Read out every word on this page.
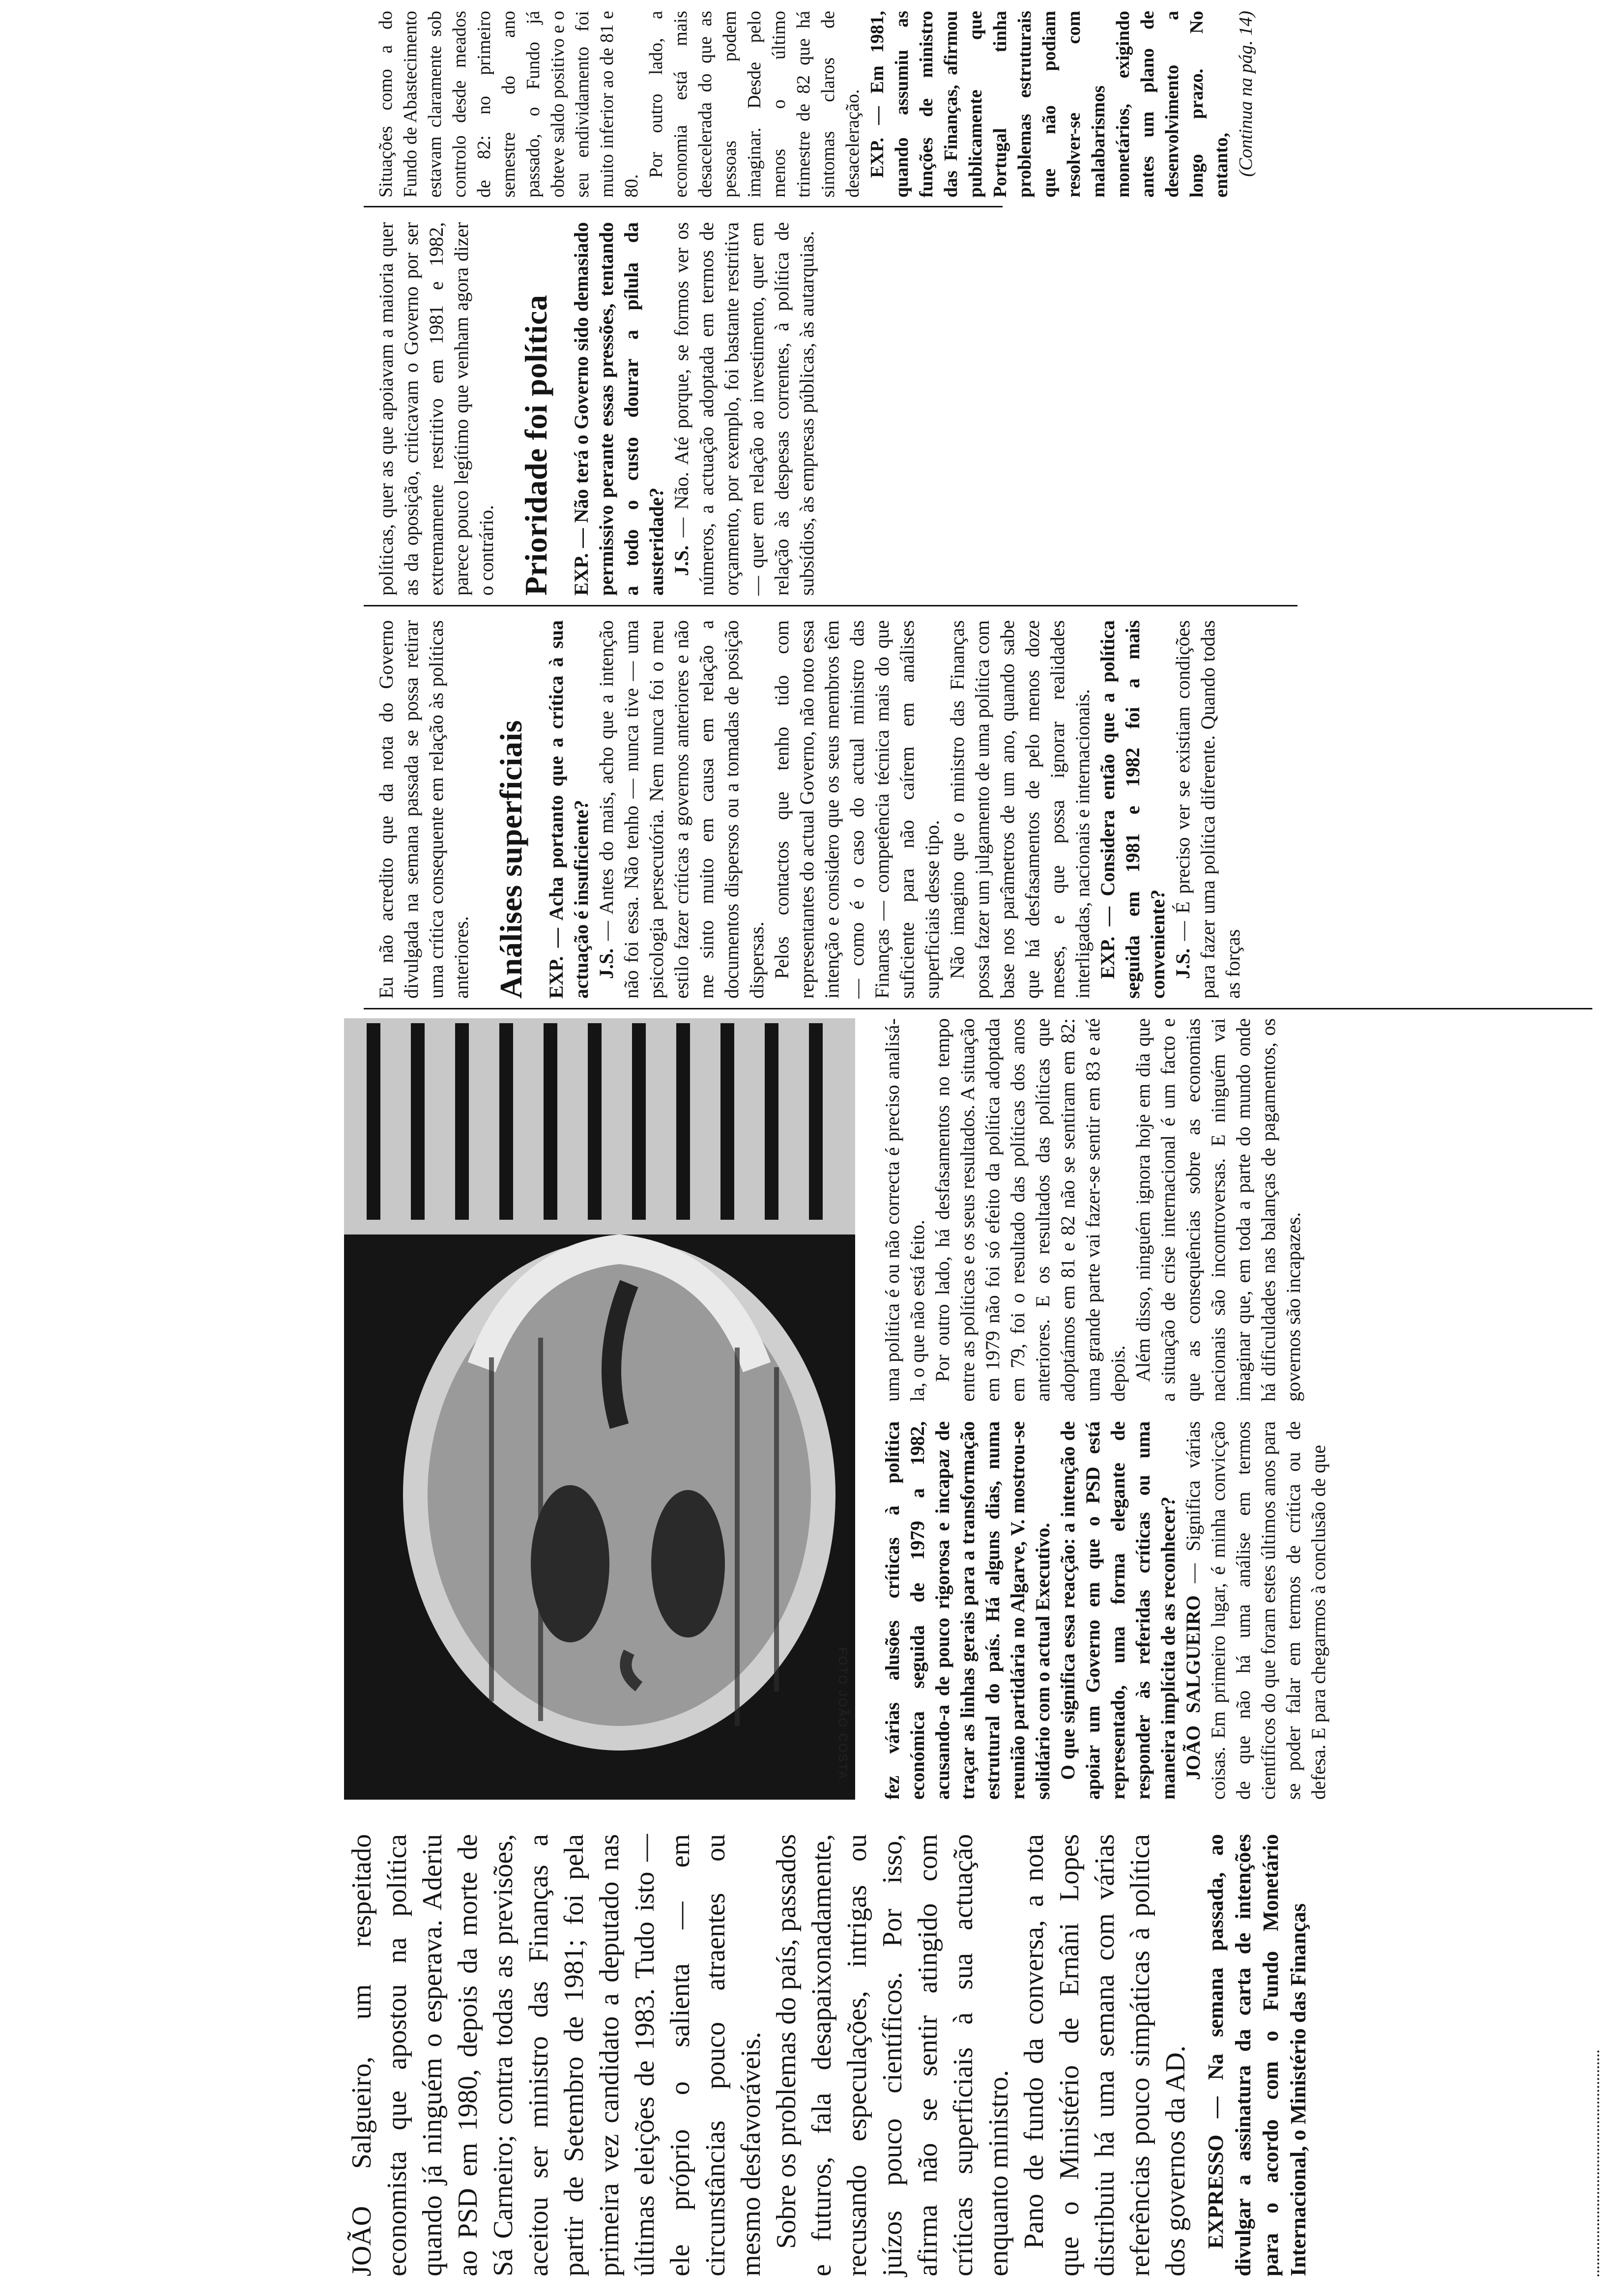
JOÃO Salgueiro, um respeitado economista que apostou na política quando já ninguém o esperava. Aderiu ao PSD em 1980, depois da morte de Sá Carneiro; contra todas as previsões, aceitou ser ministro das Finanças a partir de Setembro de 1981; foi pela primeira vez candidato a deputado nas últimas eleições de 1983. Tudo isto — ele próprio o salienta — em circunstâncias pouco atraentes ou mesmo desfavoráveis. Sobre os problemas do país, passados e futuros, fala desapaixonadamente, recusando especulações, intrigas ou juízos pouco científicos. Por isso, afirma não se sentir atingido com críticas superficiais à sua actuação enquanto ministro. Pano de fundo da conversa, a nota que o Ministério de Ernâni Lopes distribuiu há uma semana com várias referências pouco simpáticas à política dos governos da AD. EXPRESSO — Na semana passada, ao divulgar a assinatura da carta de intenções para o acordo com o Fundo Monetário Internacional, o Ministério das Finanças

FOTO JOÃO COSTA fez várias alusões críticas à política económica seguida de 1979 a 1982, acusando-a de pouco rigorosa e incapaz de traçar as linhas gerais para a transformação estrutural do país. Há alguns dias, numa reunião partidária no Algarve, V. mostrou-se solidário com o actual Executivo. O que significa essa reacção: a intenção de apoiar um Governo em que o PSD está representado, uma forma elegante de responder às referidas críticas ou uma maneira implícita de as reconhecer? JOÃO SALGUEIRO — Significa várias coisas. Em primeiro lugar, é minha convicção de que não há uma análise em termos científicos do que foram estes últimos anos para se poder falar em termos de crítica ou de defesa. E para chegarmos à conclusão de que

uma política é ou não correcta é preciso analisá-la, o que não está feito. Por outro lado, há desfasamentos no tempo entre as políticas e os seus resultados. A situação em 1979 não foi só efeito da política adoptada em 79, foi o resultado das políticas dos anos anteriores. E os resultados das políticas que adoptámos em 81 e 82 não se sentiram em 82: uma grande parte vai fazer-se sentir em 83 e até depois. Além disso, ninguém ignora hoje em dia que a situação de crise internacional é um facto e que as consequências sobre as economias nacionais são incontroversas. E ninguém vai imaginar que, em toda a parte do mundo onde há dificuldades nas balanças de pagamentos, os governos são incapazes.

Eu não acredito que da nota do Governo divulgada na semana passada se possa retirar uma crítica consequente em relação às políticas anteriores. Análises superficiais EXP. — Acha portanto que a crítica à sua actuação é insuficiente? J.S. — Antes do mais, acho que a intenção não foi essa. Não tenho — nunca tive — uma psicologia persecutória. Nem nunca foi o meu estilo fazer críticas a governos anteriores e não me sinto muito em causa em relação a documentos dispersos ou a tomadas de posição dispersas. Pelos contactos que tenho tido com representantes do actual Governo, não noto essa intenção e considero que os seus membros têm — como é o caso do actual ministro das Finanças — competência técnica mais do que suficiente para não caírem em análises superficiais desse tipo. Não imagino que o ministro das Finanças possa fazer um julgamento de uma política com base nos parâmetros de um ano, quando sabe que há desfasamentos de pelo menos doze meses, e que possa ignorar realidades interligadas, nacionais e internacionais. EXP. — Considera então que a política seguida em 1981 e 1982 foi a mais conveniente? J.S. — É preciso ver se existiam condições para fazer uma política diferente. Quando todas as forças

políticas, quer as que apoiavam a maioria quer as da oposição, criticavam o Governo por ser extremamente restritivo em 1981 e 1982, parece pouco legítimo que venham agora dizer o contrário. Prioridade foi política EXP. — Não terá o Governo sido demasiado permissivo perante essas pressões, tentando a todo o custo dourar a pílula da austeridade? J.S. — Não. Até porque, se formos ver os números, a actuação adoptada em termos de orçamento, por exemplo, foi bastante restritiva — quer em relação ao investimento, quer em relação às despesas correntes, à política de subsídios, às empresas públicas, às autarquias.

Situações como a do Fundo de Abastecimento estavam claramente sob controlo desde meados de 82: no primeiro semestre do ano passado, o Fundo já obteve saldo positivo e o seu endividamento foi muito inferior ao de 81 e 80.

Por outro lado, a economia está mais desacelerada do que as pessoas podem imaginar. Desde pelo menos o último trimestre de 82 que há sintomas claros de desaceleração. EXP. — Em 1981, quando assumiu as funções de ministro das Finanças, afirmou publicamente que Portugal tinha problemas estruturais que não podiam resolver-se com malabarismos monetários, exigindo antes um plano de desenvolvimento a longo prazo. No entanto, (Continua na pág. 14)
